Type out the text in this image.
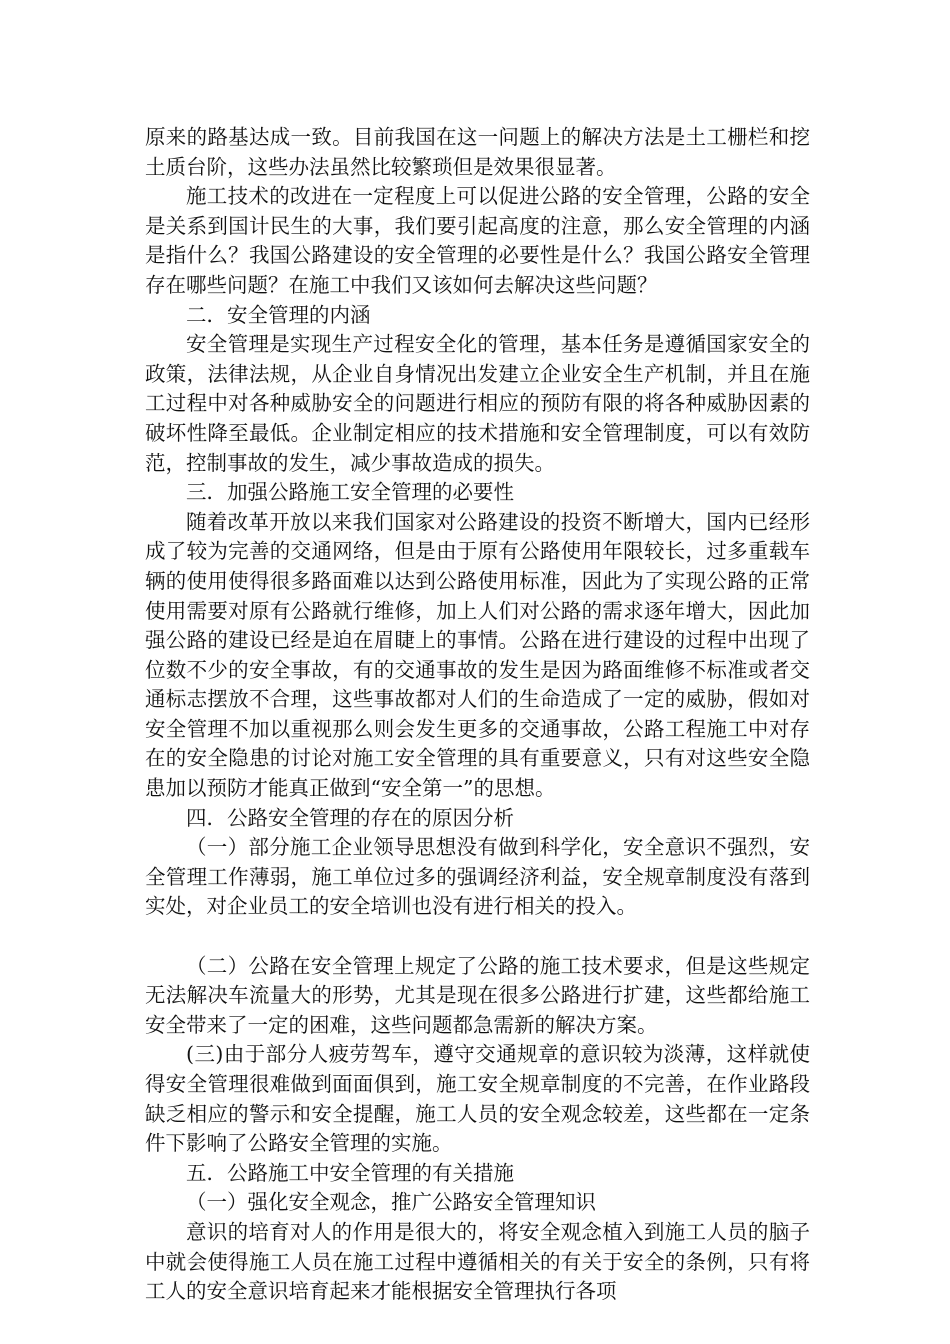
原来的路基达成一致。目前我国在这一问题上的解决方法是土工栅栏和挖土质台阶，这些办法虽然比较繁琐但是效果很显著。

施工技术的改进在一定程度上可以促进公路的安全管理，公路的安全是关系到国计民生的大事，我们要引起高度的注意，那么安全管理的内涵是指什么？我国公路建设的安全管理的必要性是什么？我国公路安全管理存在哪些问题？在施工中我们又该如何去解决这些问题？

二．安全管理的内涵

安全管理是实现生产过程安全化的管理，基本任务是遵循国家安全的政策，法律法规，从企业自身情况出发建立企业安全生产机制，并且在施工过程中对各种威胁安全的问题进行相应的预防有限的将各种威胁因素的破坏性降至最低。企业制定相应的技术措施和安全管理制度，可以有效防范，控制事故的发生，减少事故造成的损失。

三．加强公路施工安全管理的必要性

随着改革开放以来我们国家对公路建设的投资不断增大，国内已经形成了较为完善的交通网络，但是由于原有公路使用年限较长，过多重载车辆的使用使得很多路面难以达到公路使用标准，因此为了实现公路的正常使用需要对原有公路就行维修，加上人们对公路的需求逐年增大，因此加强公路的建设已经是迫在眉睫上的事情。公路在进行建设的过程中出现了位数不少的安全事故，有的交通事故的发生是因为路面维修不标准或者交通标志摆放不合理，这些事故都对人们的生命造成了一定的威胁，假如对安全管理不加以重视那么则会发生更多的交通事故，公路工程施工中对存在的安全隐患的讨论对施工安全管理的具有重要意义，只有对这些安全隐患加以预防才能真正做到“安全第一”的思想。

四．公路安全管理的存在的原因分析

（一）部分施工企业领导思想没有做到科学化，安全意识不强烈，安全管理工作薄弱，施工单位过多的强调经济利益，安全规章制度没有落到实处，对企业员工的安全培训也没有进行相关的投入。

（二）公路在安全管理上规定了公路的施工技术要求，但是这些规定无法解决车流量大的形势，尤其是现在很多公路进行扩建，这些都给施工安全带来了一定的困难，这些问题都急需新的解决方案。

(三)由于部分人疲劳驾车，遵守交通规章的意识较为淡薄，这样就使得安全管理很难做到面面俱到，施工安全规章制度的不完善，在作业路段缺乏相应的警示和安全提醒，施工人员的安全观念较差，这些都在一定条件下影响了公路安全管理的实施。

五．公路施工中安全管理的有关措施

（一）强化安全观念，推广公路安全管理知识

意识的培育对人的作用是很大的，将安全观念植入到施工人员的脑子中就会使得施工人员在施工过程中遵循相关的有关于安全的条例，只有将工人的安全意识培育起来才能根据安全管理执行各项
